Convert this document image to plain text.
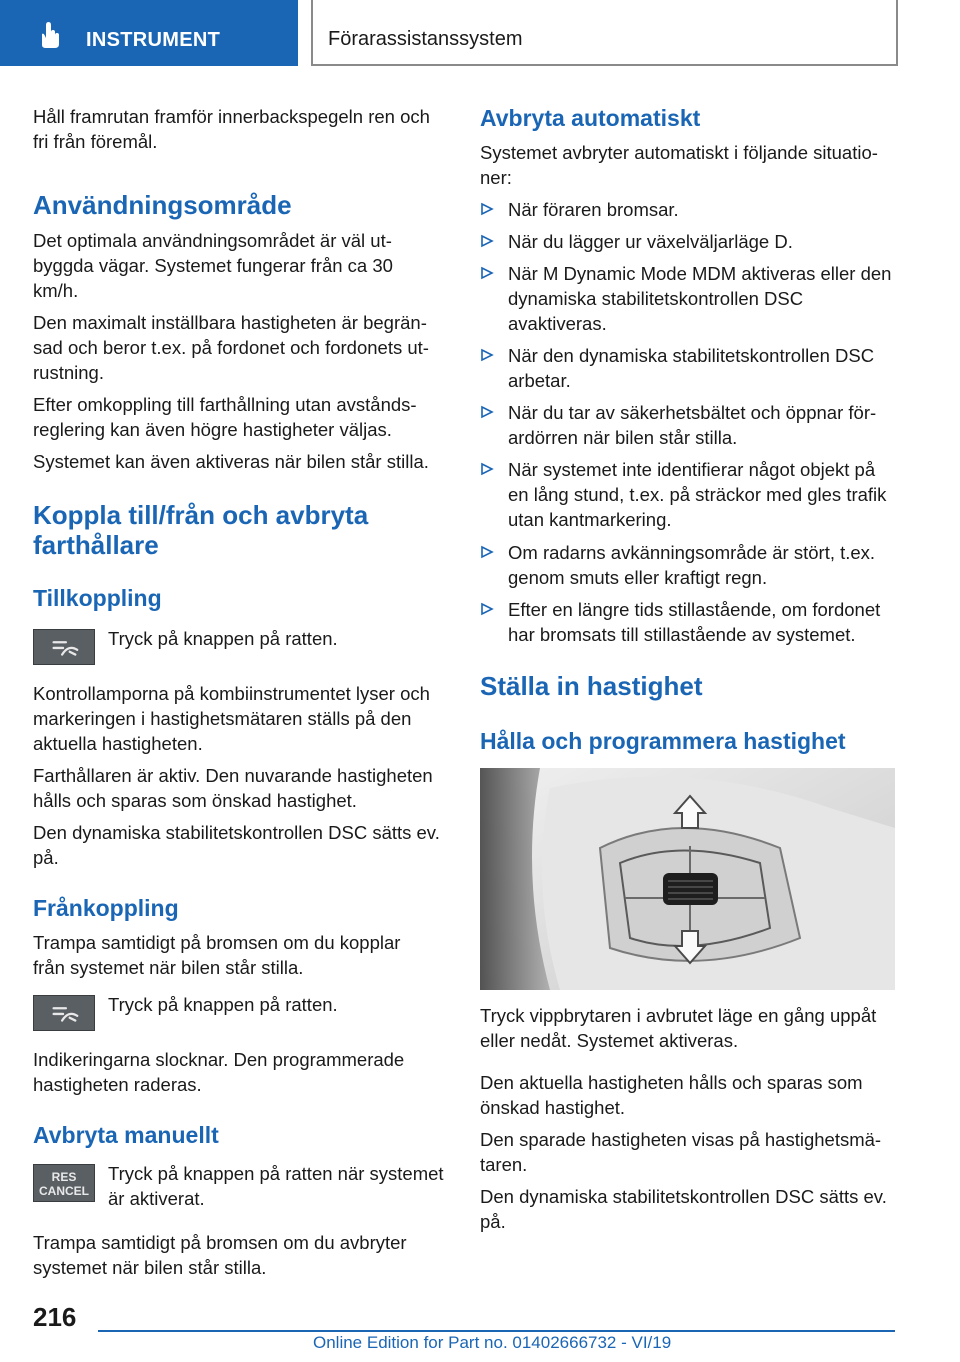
INSTRUMENT	Förarassistanssystem

Håll framrutan framför innerbackspegeln ren och fri från föremål.

Användningsområde

Det optimala användningsområdet är väl utbyggda vägar. Systemet fungerar från ca 30 km/h.

Den maximalt inställbara hastigheten är begränsad och beror t.ex. på fordonet och fordonets utrustning.

Efter omkoppling till farthållning utan avståndsreglering kan även högre hastigheter väljas.

Systemet kan även aktiveras när bilen står stilla.

Koppla till/från och avbryta farthållare
Tillkoppling

Tryck på knappen på ratten.

Kontrollamporna på kombiinstrumentet lyser och markeringen i hastighetsmätaren ställs på den aktuella hastigheten.

Farthållaren är aktiv. Den nuvarande hastigheten hålls och sparas som önskad hastighet.

Den dynamiska stabilitetskontrollen DSC sätts ev. på.

Frånkoppling

Trampa samtidigt på bromsen om du kopplar från systemet när bilen står stilla.

Tryck på knappen på ratten.

Indikeringarna slocknar. Den programmerade hastigheten raderas.

Avbryta manuellt
RES
CANCEL

Tryck på knappen på ratten när systemet är aktiverat.

Trampa samtidigt på bromsen om du avbryter systemet när bilen står stilla.

Avbryta automatiskt

Systemet avbryter automatiskt i följande situationer:

När föraren bromsar.
När du lägger ur växelväljarläge D.
När M Dynamic Mode MDM aktiveras eller den dynamiska stabilitetskontrollen DSC avaktiveras.
När den dynamiska stabilitetskontrollen DSC arbetar.
När du tar av säkerhetsbältet och öppnar förardörren när bilen står stilla.
När systemet inte identifierar något objekt på en lång stund, t.ex. på sträckor med gles trafik utan kantmarkering.
Om radarns avkänningsområde är stört, t.ex. genom smuts eller kraftigt regn.
Efter en längre tids stillastående, om fordonet har bromsats till stillastående av systemet.
Ställa in hastighet
Hålla och programmera hastighet

Tryck vippbrytaren i avbrutet läge en gång uppåt eller nedåt. Systemet aktiveras.

Den aktuella hastigheten hålls och sparas som önskad hastighet.

Den sparade hastigheten visas på hastighetsmätaren.

Den dynamiska stabilitetskontrollen DSC sätts ev. på.

216
Online Edition for Part no. 01402666732 - VI/19
